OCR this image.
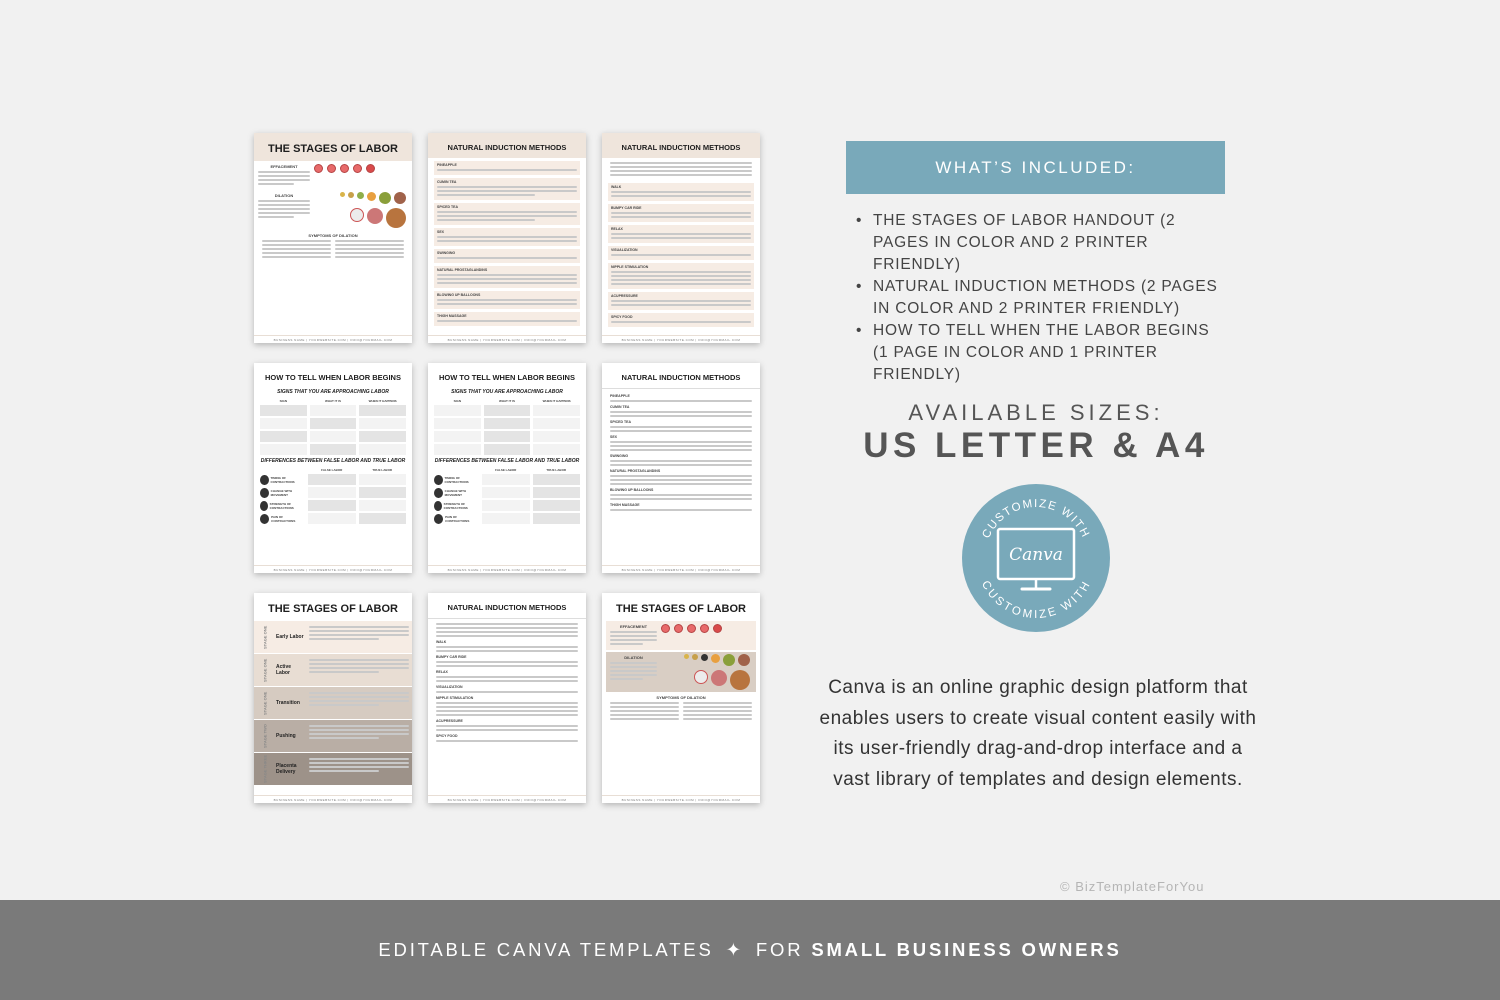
THE STAGES OF LABOR
EFFACEMENT
DILATION
SYMPTOMS OF DILATION
BUSINESS NAME | YOURWEBSITE.COM | INFO@YOURMAIL.COM
NATURAL INDUCTION METHODS
PINEAPPLE
CUMIN TEA
SPICED TEA
SEX
SWINGING
NATURAL PROSTAGLANDINS
BLOWING UP BALLOONS
THIGH MASSAGE
BUSINESS NAME | YOURWEBSITE.COM | INFO@YOURMAIL.COM
NATURAL INDUCTION METHODS
WALK
BUMPY CAR RIDE
RELAX
VISUALIZATION
NIPPLE STIMULATION
ACUPRESSURE
SPICY FOOD
BUSINESS NAME | YOURWEBSITE.COM | INFO@YOURMAIL.COM
HOW TO TELL WHEN LABOR BEGINS
SIGNS THAT YOU ARE APPROACHING LABOR
SIGN	WHAT IT IS	WHEN IT HAPPENS
DIFFERENCES BETWEEN FALSE LABOR AND TRUE LABOR
FALSE LABOR	TRUE LABOR
TIMING OF CONTRACTIONS
CHANGE WITH MOVEMENT
STRENGTH OF CONTRACTIONS
PAIN OF CONTRACTIONS
BUSINESS NAME | YOURWEBSITE.COM | INFO@YOURMAIL.COM
HOW TO TELL WHEN LABOR BEGINS
SIGNS THAT YOU ARE APPROACHING LABOR
SIGN	WHAT IT IS	WHEN IT HAPPENS
DIFFERENCES BETWEEN FALSE LABOR AND TRUE LABOR
FALSE LABOR	TRUE LABOR
TIMING OF CONTRACTIONS
CHANGE WITH MOVEMENT
STRENGTH OF CONTRACTIONS
PAIN OF CONTRACTIONS
BUSINESS NAME | YOURWEBSITE.COM | INFO@YOURMAIL.COM
NATURAL INDUCTION METHODS
PINEAPPLE
CUMIN TEA
SPICED TEA
SEX
SWINGING
NATURAL PROSTAGLANDINS
BLOWING UP BALLOONS
THIGH MASSAGE
BUSINESS NAME | YOURWEBSITE.COM | INFO@YOURMAIL.COM
THE STAGES OF LABOR
STAGE ONE	Early Labor
STAGE ONE	Active Labor
STAGE ONE	Transition
STAGE TWO	Pushing
STAGE THREE	Placenta Delivery
BUSINESS NAME | YOURWEBSITE.COM | INFO@YOURMAIL.COM
NATURAL INDUCTION METHODS
WALK
BUMPY CAR RIDE
RELAX
VISUALIZATION
NIPPLE STIMULATION
ACUPRESSURE
SPICY FOOD
BUSINESS NAME | YOURWEBSITE.COM | INFO@YOURMAIL.COM
THE STAGES OF LABOR
EFFACEMENT
DILATION
SYMPTOMS OF DILATION
BUSINESS NAME | YOURWEBSITE.COM | INFO@YOURMAIL.COM
WHAT’S INCLUDED:
• THE STAGES OF LABOR HANDOUT (2 PAGES IN COLOR AND 2 PRINTER FRIENDLY)
• NATURAL INDUCTION METHODS (2 PAGES IN COLOR AND 2 PRINTER FRIENDLY)
• HOW TO TELL WHEN THE LABOR BEGINS (1 PAGE IN COLOR AND 1 PRINTER FRIENDLY)
AVAILABLE SIZES:
US LETTER & A4
CUSTOMIZE WITH
CUSTOMIZE WITH
Canva
Canva is an online graphic design platform that enables users to create visual content easily with its user-friendly drag-and-drop interface and a vast library of templates and design elements.
© BizTemplateForYou
EDITABLE CANVA TEMPLATES ✦ FOR
SMALL BUSINESS OWNERS
